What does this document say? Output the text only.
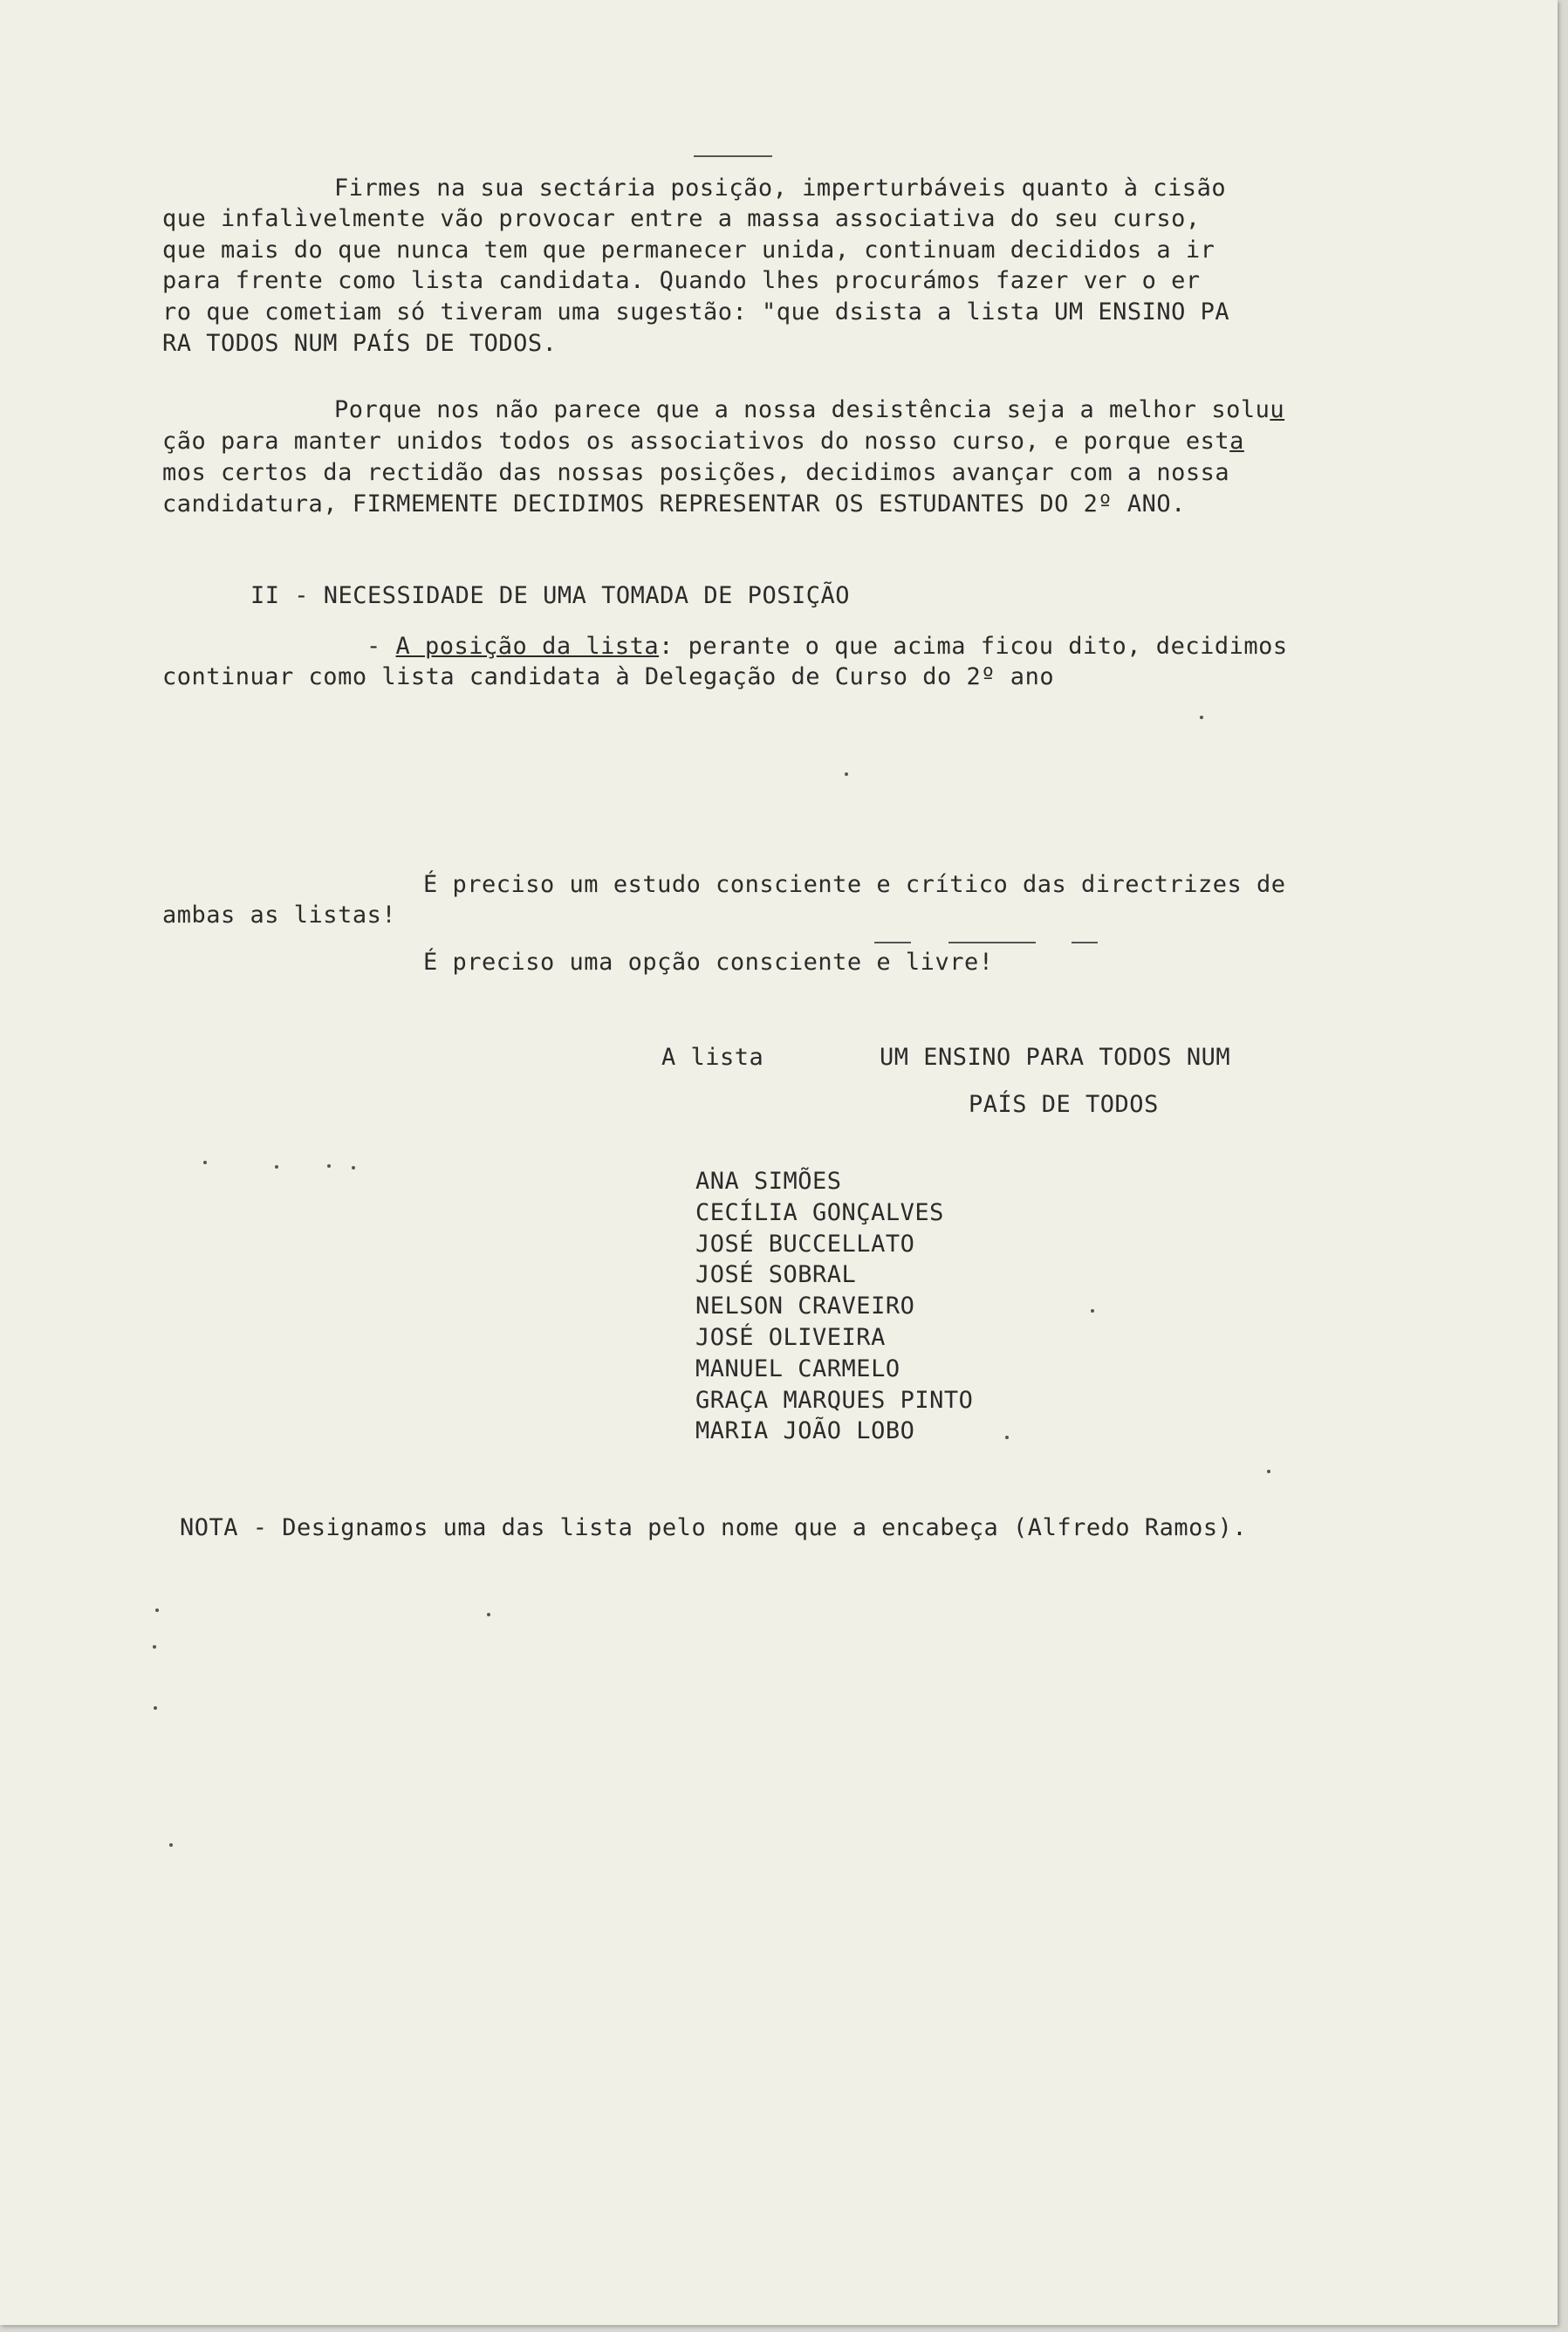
Firmes na sua sectária posição, imperturbáveis quanto à cisão
que infalìvelmente vão provocar entre a massa associativa do seu curso,
que mais do que nunca tem que permanecer unida, continuam decididos a ir
para frente como lista candidata. Quando lhes procurámos fazer ver o er
ro que cometiam só tiveram uma sugestão: "que dsista a lista UM ENSINO PA
RA TODOS NUM PAÍS DE TODOS.
Porque nos não parece que a nossa desistência seja a melhor soluu
ção para manter unidos todos os associativos do nosso curso, e porque esta
mos certos da rectidão das nossas posições, decidimos avançar com a nossa
candidatura, FIRMEMENTE DECIDIMOS REPRESENTAR OS ESTUDANTES DO 2º ANO.
II - NECESSIDADE DE UMA TOMADA DE POSIÇÃO
- A posição da lista: perante o que acima ficou dito, decidimos
continuar como lista candidata à Delegação de Curso do 2º ano
É preciso um estudo consciente e crítico das directrizes de
ambas as listas!
É preciso uma opção consciente e livre!
A lista	UM ENSINO PARA TODOS NUM
PAÍS DE TODOS
ANA SIMÕES
CECÍLIA GONÇALVES
JOSÉ BUCCELLATO
JOSÉ SOBRAL
NELSON CRAVEIRO
JOSÉ OLIVEIRA
MANUEL CARMELO
GRAÇA MARQUES PINTO
MARIA JOÃO LOBO
NOTA - Designamos uma das lista pelo nome que a encabeça (Alfredo Ramos).
